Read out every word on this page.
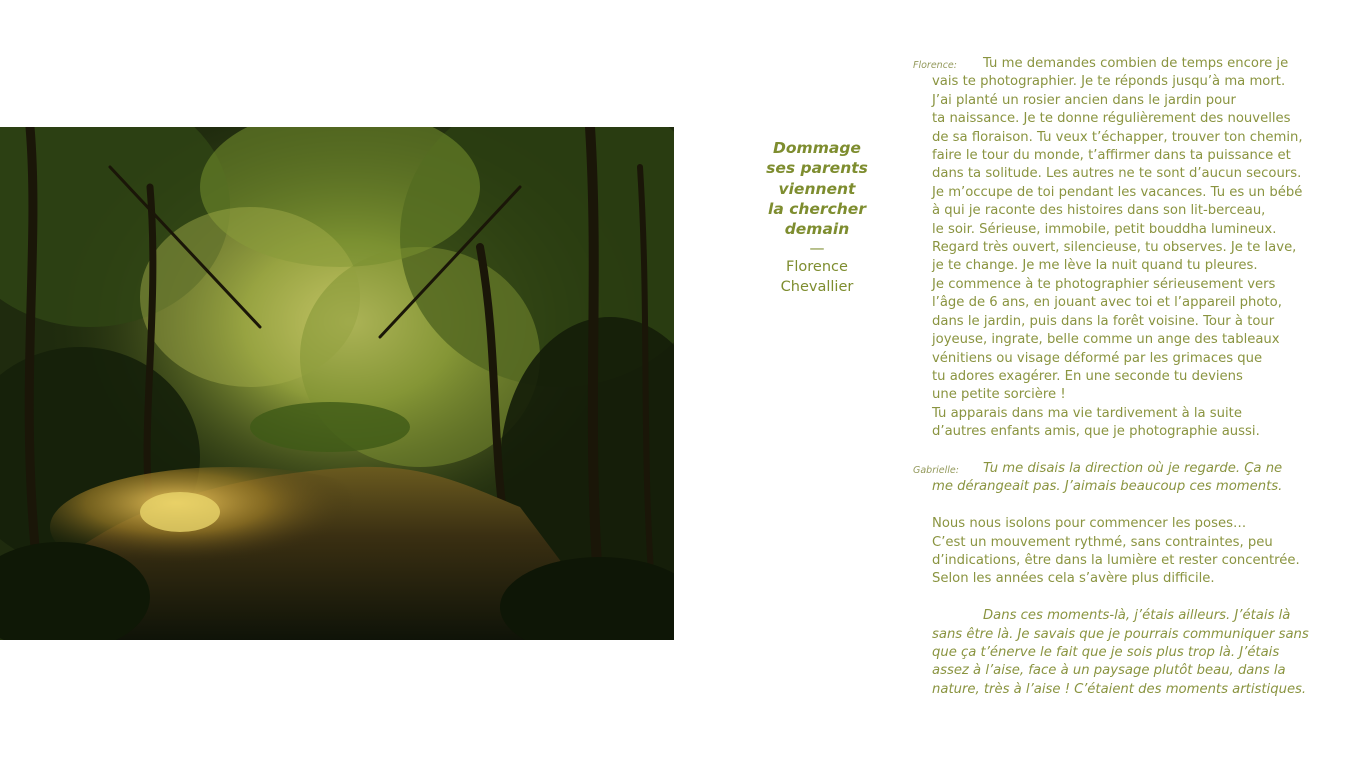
Dommage
ses parents
viennent
la chercher
demain
—
Florence
Chevallier
Florence: Tu me demandes combien de temps encore je
vais te photographier. Je te réponds jusqu’à ma mort.
J’ai planté un rosier ancien dans le jardin pour
ta naissance. Je te donne régulièrement des nouvelles
de sa floraison. Tu veux t’échapper, trouver ton chemin,
faire le tour du monde, t’affirmer dans ta puissance et
dans ta solitude. Les autres ne te sont d’aucun secours.
Je m’occupe de toi pendant les vacances. Tu es un bébé
à qui je raconte des histoires dans son lit-berceau,
le soir. Sérieuse, immobile, petit bouddha lumineux.
Regard très ouvert, silencieuse, tu observes. Je te lave,
je te change. Je me lève la nuit quand tu pleures.
Je commence à te photographier sérieusement vers
l’âge de 6 ans, en jouant avec toi et l’appareil photo,
dans le jardin, puis dans la forêt voisine. Tour à tour
joyeuse, ingrate, belle comme un ange des tableaux
vénitiens ou visage déformé par les grimaces que
tu adores exagérer. En une seconde tu deviens
une petite sorcière !
Tu apparais dans ma vie tardivement à la suite
d’autres enfants amis, que je photographie aussi.
Gabrielle: Tu me disais la direction où je regarde. Ça ne
me dérangeait pas. J’aimais beaucoup ces moments.
Nous nous isolons pour commencer les poses…
C’est un mouvement rythmé, sans contraintes, peu
d’indications, être dans la lumière et rester concentrée.
Selon les années cela s’avère plus difficile.
Dans ces moments-là, j’étais ailleurs. J’étais là
sans être là. Je savais que je pourrais communiquer sans
que ça t’énerve le fait que je sois plus trop là. J’étais
assez à l’aise, face à un paysage plutôt beau, dans la
nature, très à l’aise ! C’étaient des moments artistiques.
